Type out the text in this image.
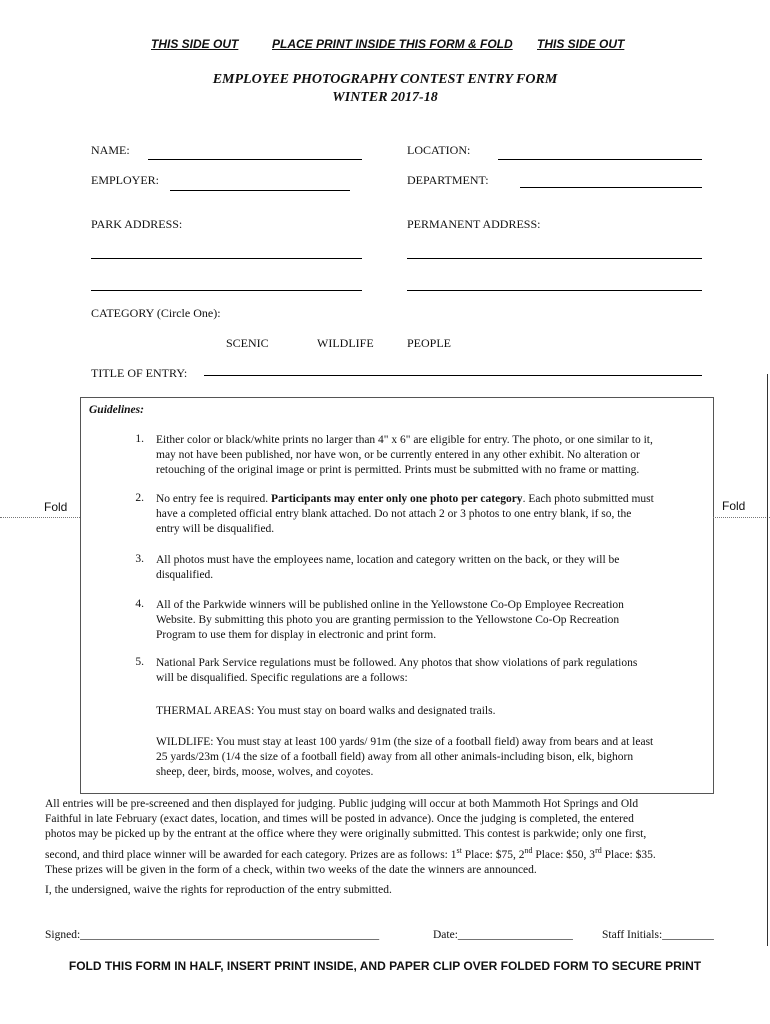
THIS SIDE OUT	PLACE PRINT INSIDE THIS FORM & FOLD THIS SIDE OUT
EMPLOYEE PHOTOGRAPHY CONTEST ENTRY FORM
WINTER 2017-18
NAME:	LOCATION:
EMPLOYER:	DEPARTMENT:
PARK ADDRESS:	PERMANENT ADDRESS:
CATEGORY (Circle One):
SCENIC	WILDLIFE	PEOPLE
TITLE OF ENTRY:
Guidelines:
1. Either color or black/white prints no larger than 4" x 6" are eligible for entry. The photo, or one similar to it,
may not have been published, nor have won, or be currently entered in any other exhibit. No alteration or
retouching of the original image or print is permitted. Prints must be submitted with no frame or matting.
2. No entry fee is required. Participants may enter only one photo per category. Each photo submitted must
have a completed official entry blank attached. Do not attach 2 or 3 photos to one entry blank, if so, the
entry will be disqualified.
3. All photos must have the employees name, location and category written on the back, or they will be
disqualified.
4. All of the Parkwide winners will be published online in the Yellowstone Co-Op Employee Recreation
Website. By submitting this photo you are granting permission to the Yellowstone Co-Op Recreation
Program to use them for display in electronic and print form.
5. National Park Service regulations must be followed. Any photos that show violations of park regulations
will be disqualified. Specific regulations are a follows:
THERMAL AREAS: You must stay on board walks and designated trails.
WILDLIFE: You must stay at least 100 yards/ 91m (the size of a football field) away from bears and at least
25 yards/23m (1/4 the size of a football field) away from all other animals-including bison, elk, bighorn
sheep, deer, birds, moose, wolves, and coyotes.
Fold	Fold
All entries will be pre-screened and then displayed for judging. Public judging will occur at both Mammoth Hot Springs and Old
Faithful in late February (exact dates, location, and times will be posted in advance). Once the judging is completed, the entered
photos may be picked up by the entrant at the office where they were originally submitted. This contest is parkwide; only one first,
second, and third place winner will be awarded for each category. Prizes are as follows: 1st Place: $75, 2nd Place: $50, 3rd Place: $35.
These prizes will be given in the form of a check, within two weeks of the date the winners are announced.
I, the undersigned, waive the rights for reproduction of the entry submitted.
Signed:____________________________________________________	Date:____________________	Staff Initials:_________
FOLD THIS FORM IN HALF, INSERT PRINT INSIDE, AND PAPER CLIP OVER FOLDED FORM TO SECURE PRINT
